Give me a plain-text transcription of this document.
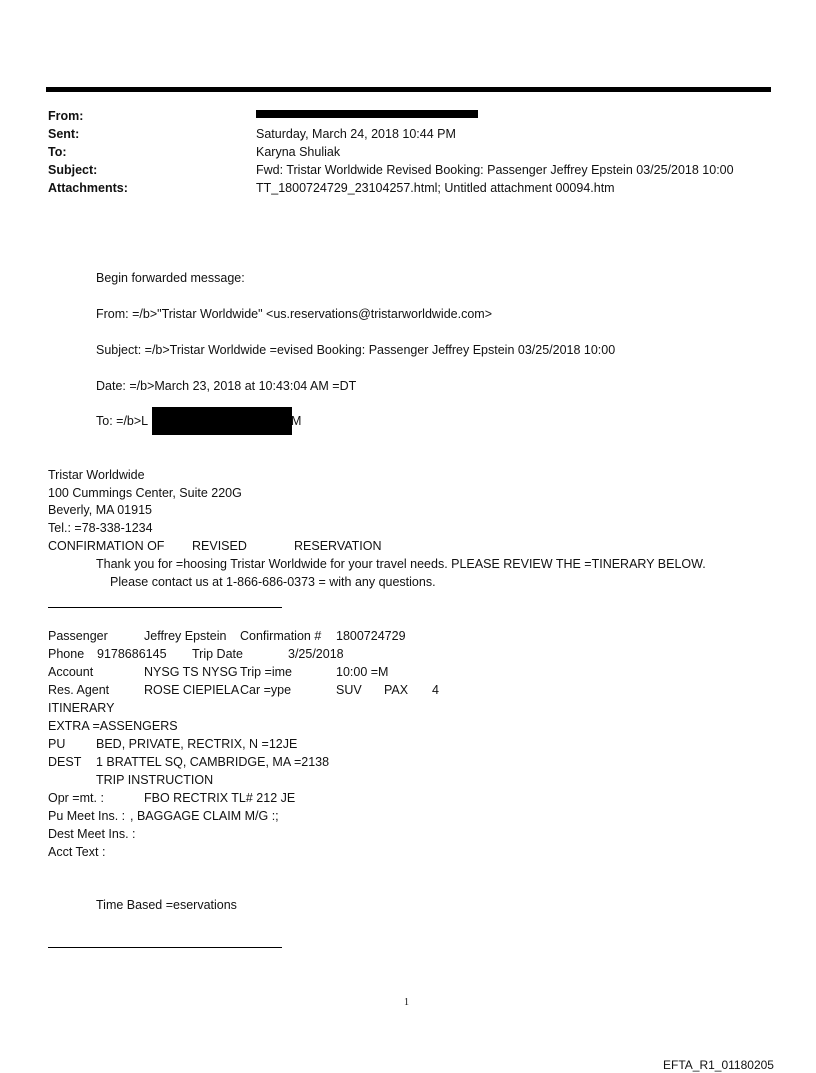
From:
Sent:	Saturday, March 24, 2018 10:44 PM
To:	Karyna Shuliak
Subject:	Fwd: Tristar Worldwide Revised Booking: Passenger Jeffrey Epstein 03/25/2018 10:00
Attachments:	TT_1800724729_23104257.html; Untitled attachment 00094.htm
Begin forwarded message:
From: =/b>"Tristar Worldwide" <us.reservations@tristarworldwide.com>
Subject: =/b>Tristar Worldwide =evised Booking: Passenger Jeffrey Epstein 03/25/2018 10:00
Date: =/b>March 23, 2018 at 10:43:04 AM =DT
To: =/b>L	M
Tristar Worldwide
100 Cummings Center, Suite 220G
Beverly, MA 01915
Tel.: =78-338-1234
CONFIRMATION OF REVISED	RESERVATION
Thank you for =hoosing Tristar Worldwide for your travel needs. PLEASE REVIEW THE =TINERARY BELOW.
Please contact us at 1-866-686-0373 = with any questions.
Passenger	Jeffrey Epstein Confirmation # 1800724729
Phone 9178686145 Trip Date	3/25/2018
Account	NYSG TS NYSG Trip =ime	10:00 =M
Res. Agent	ROSE CIEPIELA Car =ype	SUV PAX 4
ITINERARY
EXTRA =ASSENGERS
PU BED, PRIVATE, RECTRIX, N =12JE
DEST 1 BRATTEL SQ, CAMBRIDGE, MA =2138
TRIP INSTRUCTION
Opr =mt. :	FBO RECTRIX TL# 212 JE
Pu Meet Ins. : , BAGGAGE CLAIM M/G :;
Dest Meet Ins. :
Acct Text :
Time Based =eservations
1
EFTA_R1_01180205
